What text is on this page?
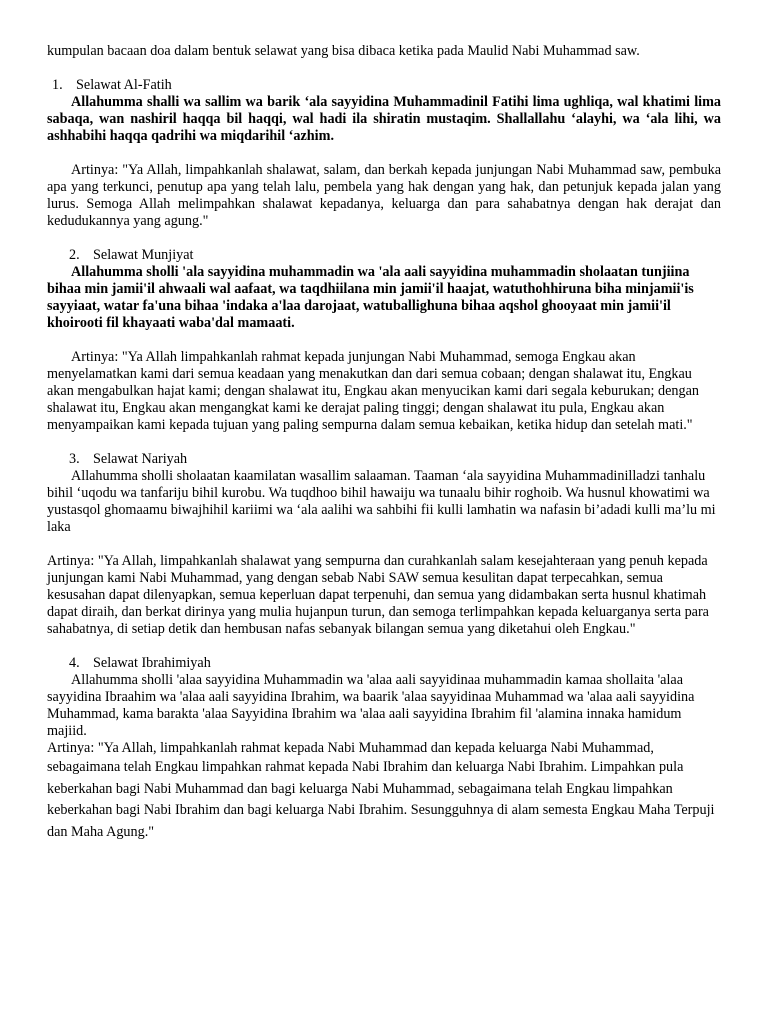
kumpulan bacaan doa dalam bentuk selawat yang bisa dibaca ketika pada Maulid Nabi Muhammad saw.

1. Selawat Al-Fatih

Allahumma shalli wa sallim wa barik ‘ala sayyidina Muhammadinil Fatihi lima ughliqa, wal khatimi lima sabaqa, wan nashiril haqqa bil haqqi, wal hadi ila shiratin mustaqim. Shallallahu ‘alayhi, wa ‘ala lihi, wa ashhabihi haqqa qadrihi wa miqdarihil ‘azhim.

Artinya: "Ya Allah, limpahkanlah shalawat, salam, dan berkah kepada junjungan Nabi Muhammad saw, pembuka apa yang terkunci, penutup apa yang telah lalu, pembela yang hak dengan yang hak, dan petunjuk kepada jalan yang lurus. Semoga Allah melimpahkan shalawat kepadanya, keluarga dan para sahabatnya dengan hak derajat dan kedudukannya yang agung."

2. Selawat Munjiyat

Allahumma sholli 'ala sayyidina muhammadin wa 'ala aali sayyidina muhammadin sholaatan tunjiina bihaa min jamii'il ahwaali wal aafaat, wa taqdhiilana min jamii'il haajat, watuthohhiruna biha minjamii'is sayyiaat, watar fa'una bihaa 'indaka a'laa darojaat, watuballighuna bihaa aqshol ghooyaat min jamii'il khoirooti fil khayaati waba'dal mamaati.

Artinya: "Ya Allah limpahkanlah rahmat kepada junjungan Nabi Muhammad, semoga Engkau akan menyelamatkan kami dari semua keadaan yang menakutkan dan dari semua cobaan; dengan shalawat itu, Engkau akan mengabulkan hajat kami; dengan shalawat itu, Engkau akan menyucikan kami dari segala keburukan; dengan shalawat itu, Engkau akan mengangkat kami ke derajat paling tinggi; dengan shalawat itu pula, Engkau akan menyampaikan kami kepada tujuan yang paling sempurna dalam semua kebaikan, ketika hidup dan setelah mati."

3. Selawat Nariyah

Allahumma sholli sholaatan kaamilatan wasallim salaaman. Taaman ‘ala sayyidina Muhammadinilladzi tanhalu bihil ‘uqodu wa tanfariju bihil kurobu. Wa tuqdhoo bihil hawaiju wa tunaalu bihir roghoib. Wa husnul khowatimi wa yustasqol ghomaamu biwajhihil kariimi wa ‘ala aalihi wa sahbihi fii kulli lamhatin wa nafasin bi’adadi kulli ma’lu mi laka

Artinya: "Ya Allah, limpahkanlah shalawat yang sempurna dan curahkanlah salam kesejahteraan yang penuh kepada junjungan kami Nabi Muhammad, yang dengan sebab Nabi SAW semua kesulitan dapat terpecahkan, semua kesusahan dapat dilenyapkan, semua keperluan dapat terpenuhi, dan semua yang didambakan serta husnul khatimah dapat diraih, dan berkat dirinya yang mulia hujanpun turun, dan semoga terlimpahkan kepada keluarganya serta para sahabatnya, di setiap detik dan hembusan nafas sebanyak bilangan semua yang diketahui oleh Engkau."

4. Selawat Ibrahimiyah

Allahumma sholli 'alaa sayyidina Muhammadin wa 'alaa aali sayyidinaa muhammadin kamaa shollaita 'alaa sayyidina Ibraahim wa 'alaa aali sayyidina Ibrahim, wa baarik 'alaa sayyidinaa Muhammad wa 'alaa aali sayyidina Muhammad, kama barakta 'alaa Sayyidina Ibrahim wa 'alaa aali sayyidina Ibrahim fil 'alamina innaka hamidum majiid.

Artinya: "Ya Allah, limpahkanlah rahmat kepada Nabi Muhammad dan kepada keluarga Nabi Muhammad,

sebagaimana telah Engkau limpahkan rahmat kepada Nabi Ibrahim dan keluarga Nabi Ibrahim. Limpahkan pula keberkahan bagi Nabi Muhammad dan bagi keluarga Nabi Muhammad, sebagaimana telah Engkau limpahkan keberkahan bagi Nabi Ibrahim dan bagi keluarga Nabi Ibrahim. Sesungguhnya di alam semesta Engkau Maha Terpuji dan Maha Agung."
